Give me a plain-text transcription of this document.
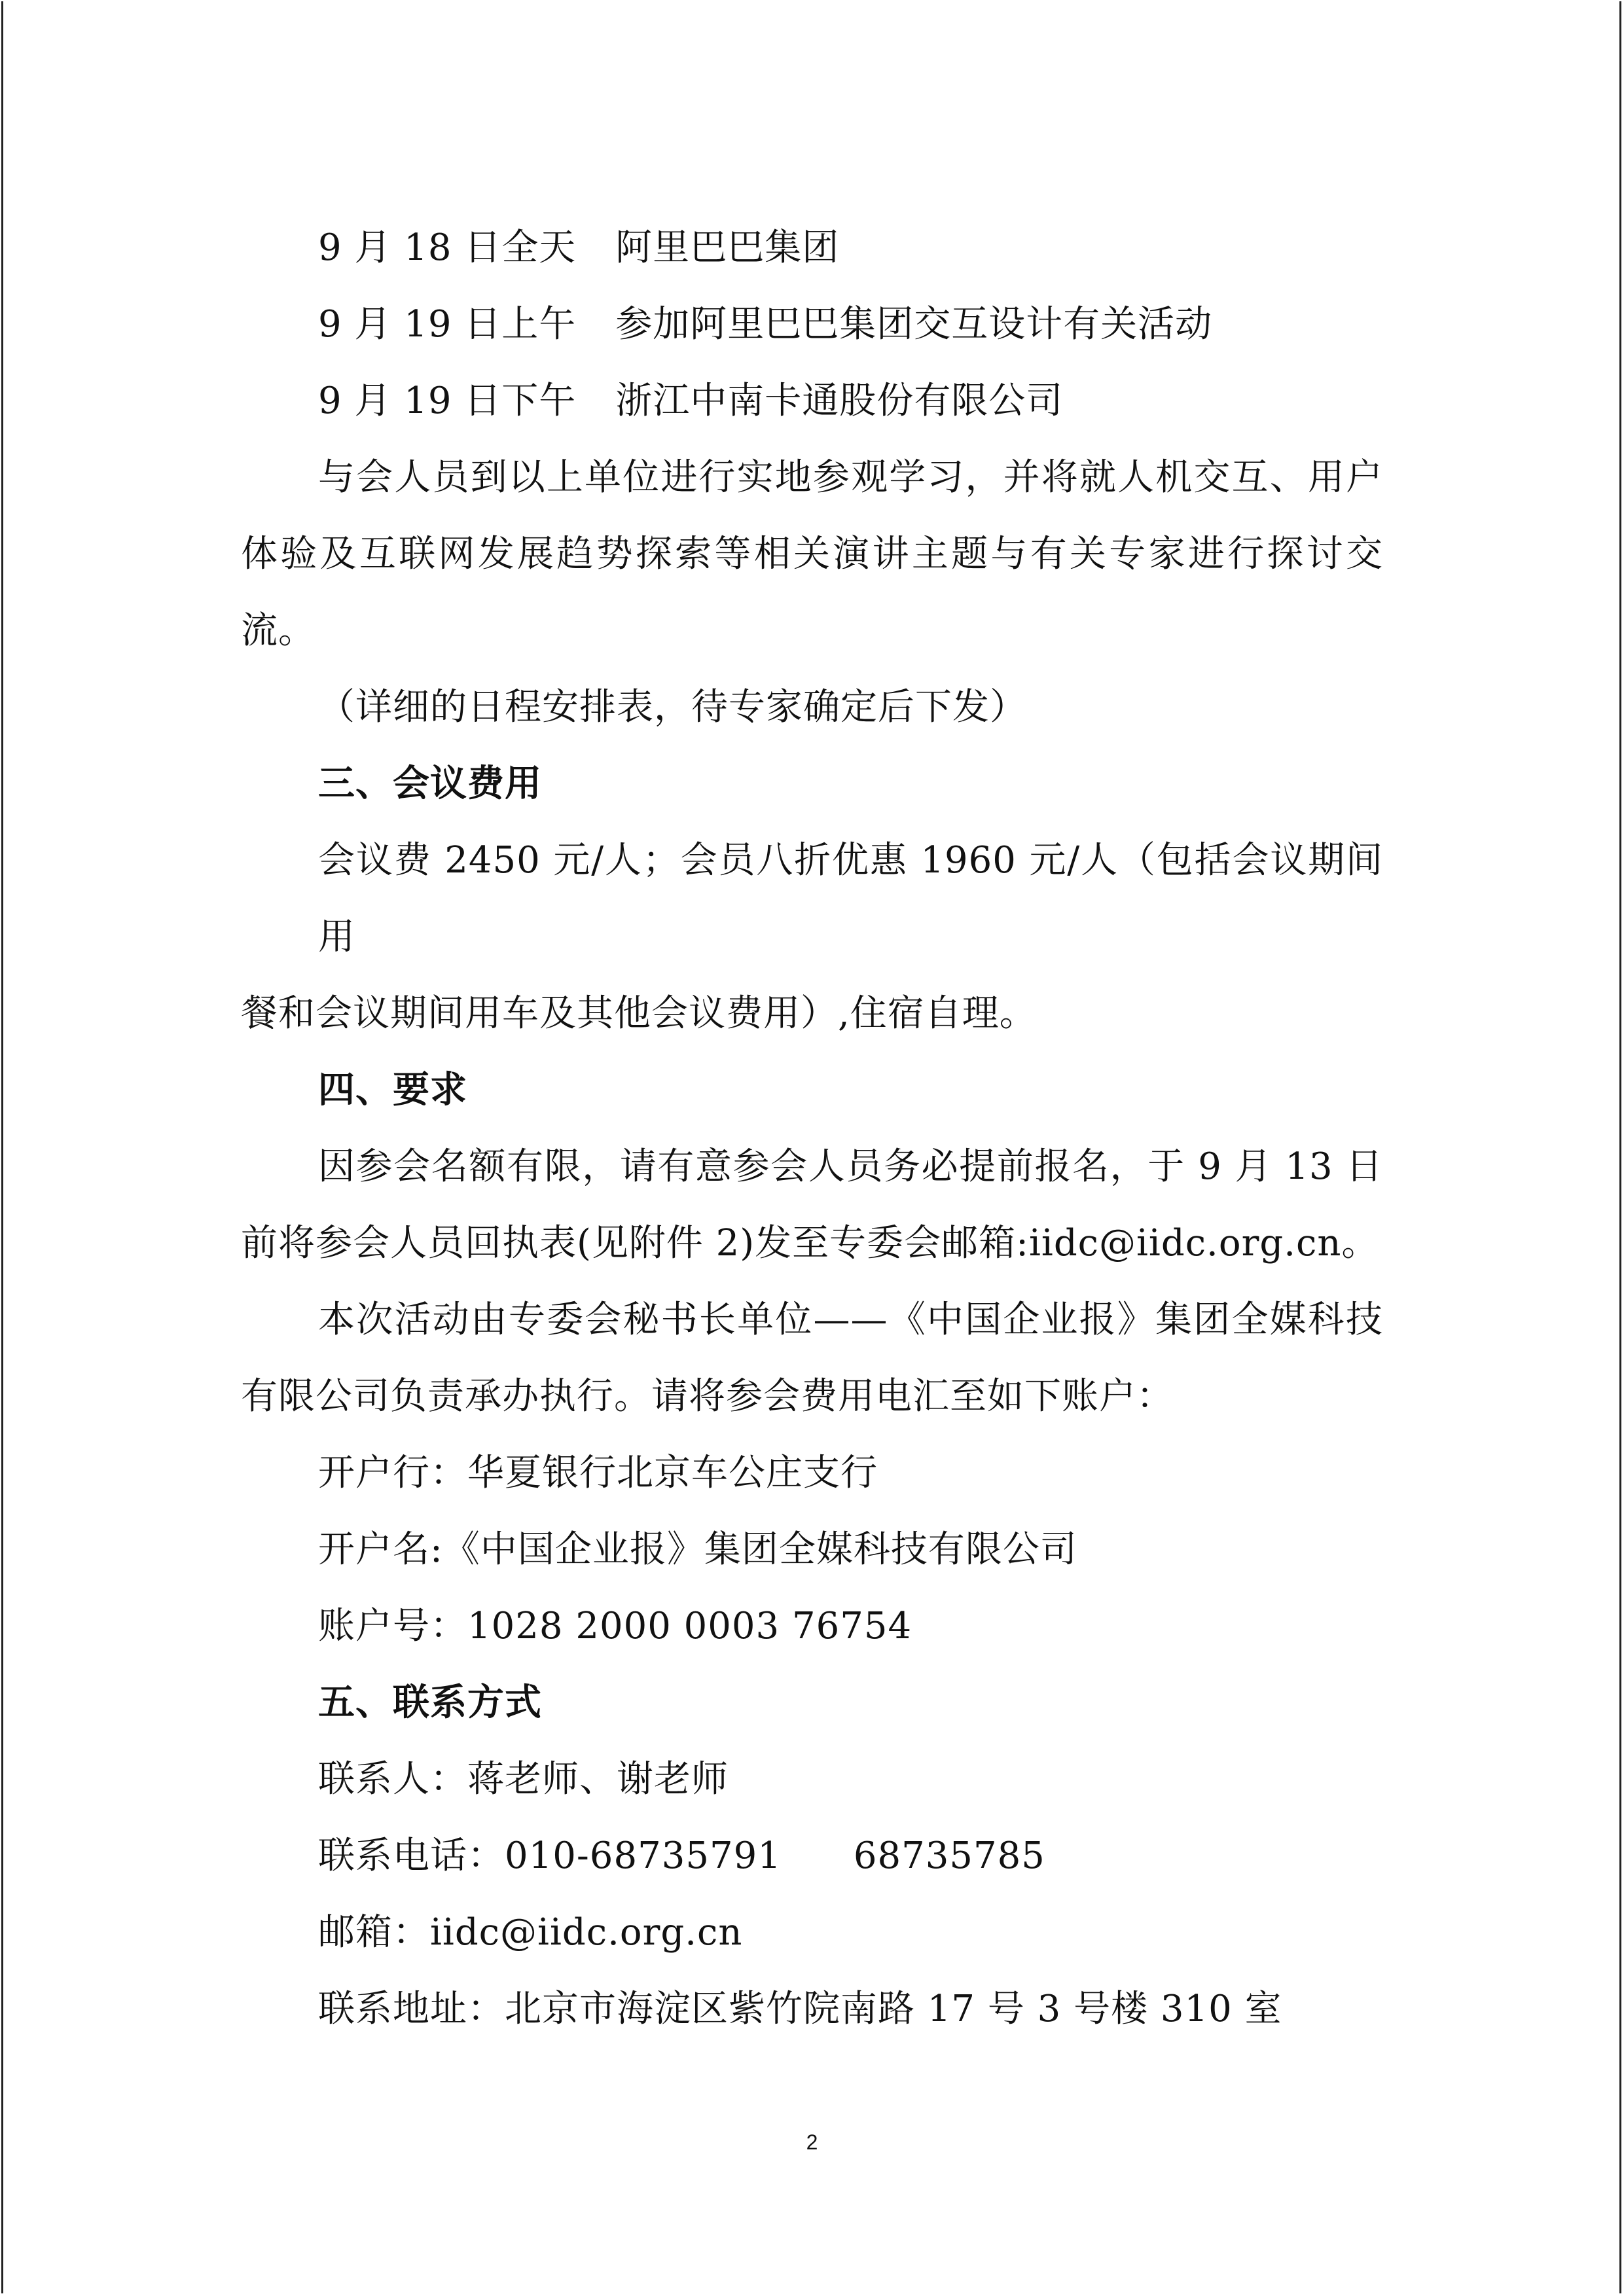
9 月 18 日全天 阿里巴巴集团
9 月 19 日上午 参加阿里巴巴集团交互设计有关活动
9 月 19 日下午 浙江中南卡通股份有限公司
与会人员到以上单位进行实地参观学习，并将就人机交互、用户
体验及互联网发展趋势探索等相关演讲主题与有关专家进行探讨交
流。
（详细的日程安排表，待专家确定后下发）
三、会议费用
会议费 2450 元/人；会员八折优惠 1960 元/人（包括会议期间用
餐和会议期间用车及其他会议费用）,住宿自理。
四、要求
因参会名额有限，请有意参会人员务必提前报名，于 9 月 13 日
前将参会人员回执表(见附件 2)发至专委会邮箱:iidc@iidc.org.cn。
本次活动由专委会秘书长单位——《中国企业报》集团全媒科技
有限公司负责承办执行。请将参会费用电汇至如下账户：
开户行：华夏银行北京车公庄支行
开户名:《中国企业报》集团全媒科技有限公司
账户号：1028 2000 0003 76754
五、联系方式
联系人：蒋老师、谢老师
联系电话：010-68735791 68735785
邮箱：iidc@iidc.org.cn
联系地址：北京市海淀区紫竹院南路 17 号 3 号楼 310 室
2
